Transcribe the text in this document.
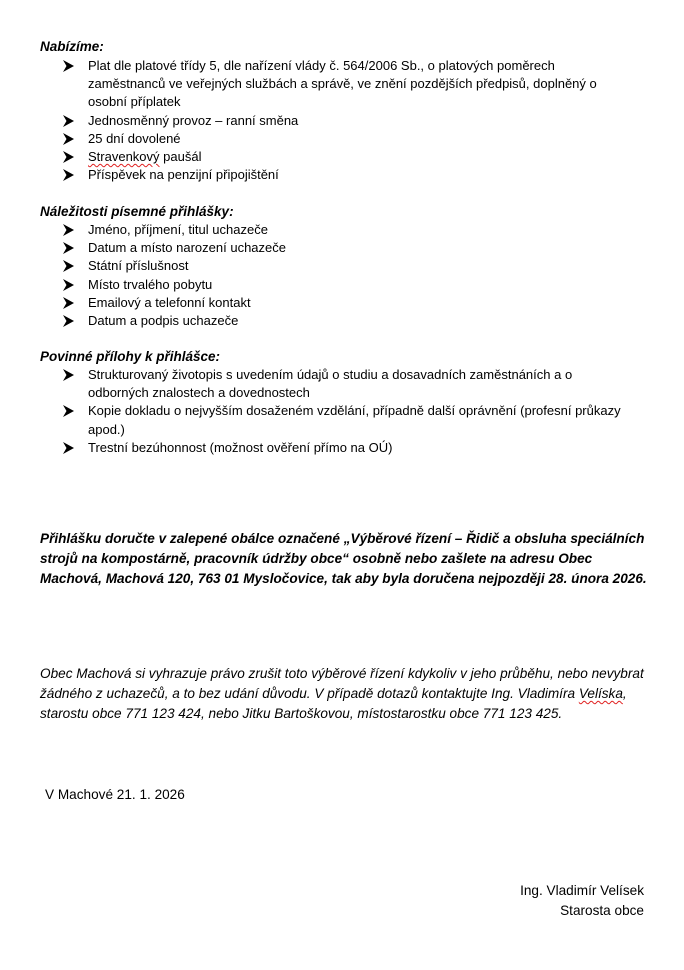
Nabízíme:
Plat dle platové třídy 5, dle nařízení vlády č. 564/2006 Sb., o platových poměrech zaměstnanců ve veřejných službách a správě, ve znění pozdějších předpisů, doplněný o osobní příplatek
Jednosměnný provoz – ranní směna
25 dní dovolené
Stravenkový paušál
Příspěvek na penzijní připojištění
Náležitosti písemné přihlášky:
Jméno, příjmení, titul uchazeče
Datum a místo narození uchazeče
Státní příslušnost
Místo trvalého pobytu
Emailový a telefonní kontakt
Datum a podpis uchazeče
Povinné přílohy k přihlášce:
Strukturovaný životopis s uvedením údajů o studiu a dosavadních zaměstnáních a o odborných znalostech a dovednostech
Kopie dokladu o nejvyšším dosaženém vzdělání, případně další oprávnění (profesní průkazy apod.)
Trestní bezúhonnost (možnost ověření přímo na OÚ)
Přihlášku doručte v zalepené obálce označené „Výběrové řízení – Řidič a obsluha speciálních strojů na kompostárně, pracovník údržby obce“ osobně nebo zašlete na adresu Obec Machová, Machová 120, 763 01 Mysločovice, tak aby byla doručena nejpozději 28. února 2026.
Obec Machová si vyhrazuje právo zrušit toto výběrové řízení kdykoliv v jeho průběhu, nebo nevybrat žádného z uchazečů, a to bez udání důvodu. V případě dotazů kontaktujte Ing. Vladimíra Velíska, starostu obce 771 123 424, nebo Jitku Bartoškovou, místostarostku obce 771 123 425.
V Machové 21. 1. 2026
Ing. Vladimír Velísek
Starosta obce
